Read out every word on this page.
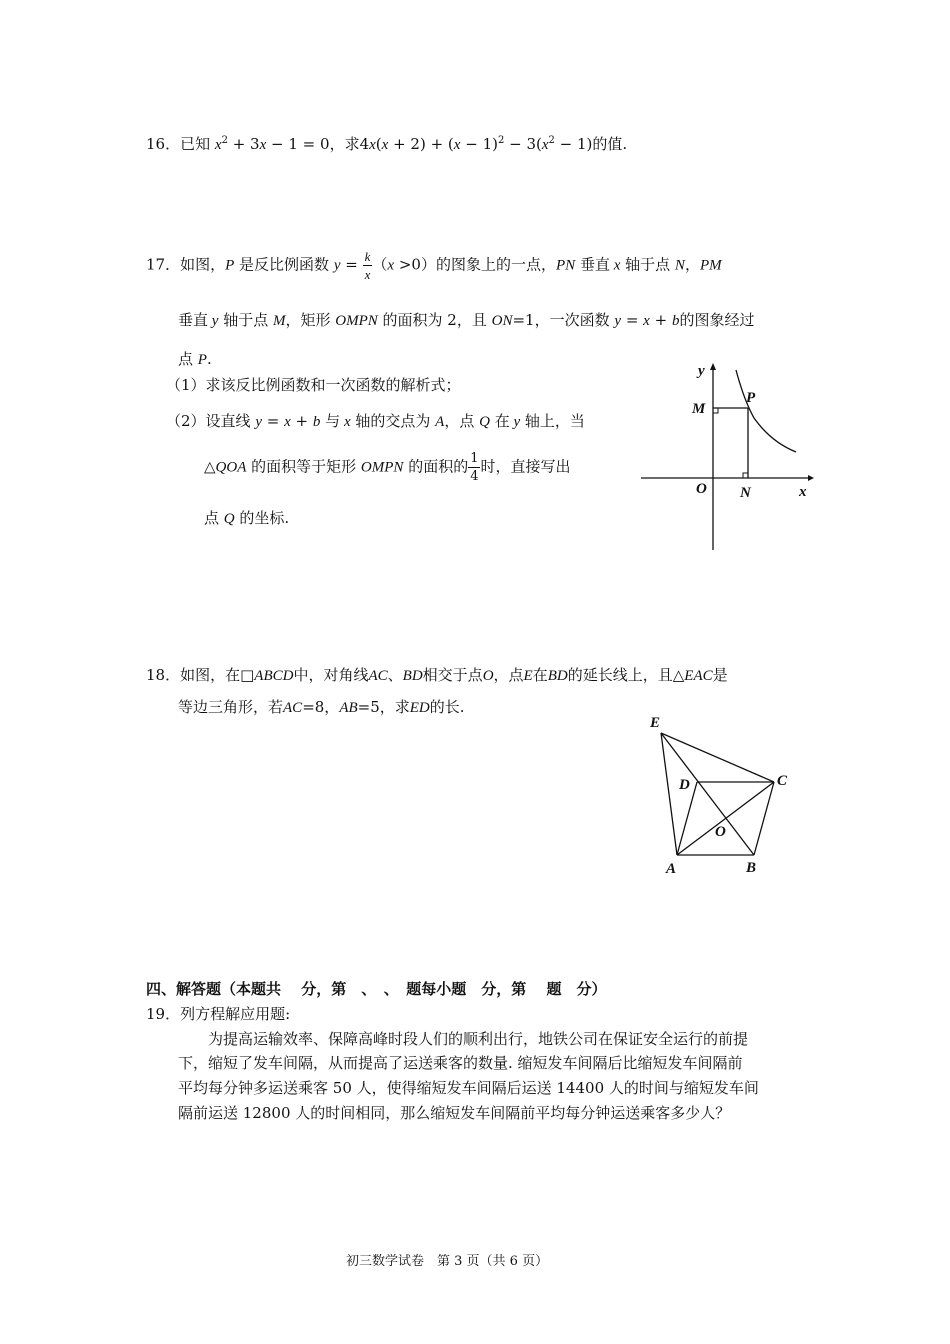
16．已知 $x^2 + 3x - 1 = 0$，求$4x(x + 2) + (x - 1)^2 - 3(x^2 - 1)$的值.
17．如图，P 是反比例函数 $y = \frac{k}{x} (x >0)$的图象上的一点，PN 垂直 x 轴于点 N，PM
垂直 y 轴于点 M，矩形 OMPN 的面积为 2，且 ON=1，一次函数 y = x + b的图象经过
点 P.
（1）求该反比例函数和一次函数的解析式；
（2）设直线 y = x + b 与 x 轴的交点为 A，点 Q 在 y 轴上，当
△QOA 的面积等于矩形 OMPN 的面积的 $\frac{1}{4}$ 时，直接写出
点 Q 的坐标.
y
x
O
M
N
P
18．如图，在□ABCD中，对角线AC、BD相交于点O，点E在BD的延长线上，且△EAC是
等边三角形，若AC=8，AB=5，求ED的长.
E
D	C
O
A	B
四、解答题（本题共　 分，第　、　、　题每小题　分，第　 题　分）
19．列方程解应用题:
为提高运输效率、保障高峰时段人们的顺利出行，地铁公司在保证安全运行的前提
下，缩短了发车间隔，从而提高了运送乘客的数量. 缩短发车间隔后比缩短发车间隔前
平均每分钟多运送乘客 50 人，使得缩短发车间隔后运送 14400 人的时间与缩短发车间
隔前运送 12800 人的时间相同，那么缩短发车间隔前平均每分钟运送乘客多少人？
初三数学试卷　第 3 页（共 6 页）
